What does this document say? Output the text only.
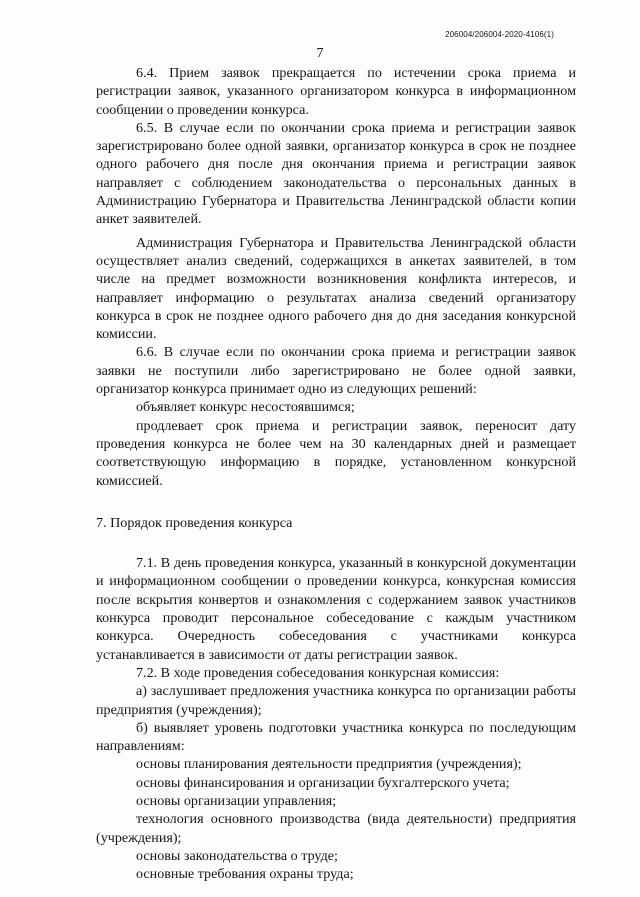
206004/206004-2020-4106(1)
7

6.4. Прием заявок прекращается по истечении срока приема и регистрации заявок, указанного организатором конкурса в информационном сообщении о проведении конкурса.

6.5. В случае если по окончании срока приема и регистрации заявок зарегистрировано более одной заявки, организатор конкурса в срок не позднее одного рабочего дня после дня окончания приема и регистрации заявок направляет с соблюдением законодательства о персональных данных в Администрацию Губернатора и Правительства Ленинградской области копии анкет заявителей.

Администрация Губернатора и Правительства Ленинградской области осуществляет анализ сведений, содержащихся в анкетах заявителей, в том числе на предмет возможности возникновения конфликта интересов, и направляет информацию о результатах анализа сведений организатору конкурса в срок не позднее одного рабочего дня до дня заседания конкурсной комиссии.

6.6. В случае если по окончании срока приема и регистрации заявок заявки не поступили либо зарегистрировано не более одной заявки, организатор конкурса принимает одно из следующих решений:

объявляет конкурс несостоявшимся;

продлевает срок приема и регистрации заявок, переносит дату проведения конкурса не более чем на 30 календарных дней и размещает соответствующую информацию в порядке, установленном конкурсной комиссией.

7. Порядок проведения конкурса

7.1. В день проведения конкурса, указанный в конкурсной документации и информационном сообщении о проведении конкурса, конкурсная комиссия после вскрытия конвертов и ознакомления с содержанием заявок участников конкурса проводит персональное собеседование с каждым участником конкурса. Очередность собеседования с участниками конкурса устанавливается в зависимости от даты регистрации заявок.

7.2. В ходе проведения собеседования конкурсная комиссия:

а) заслушивает предложения участника конкурса по организации работы предприятия (учреждения);

б) выявляет уровень подготовки участника конкурса по последующим направлениям:

основы планирования деятельности предприятия (учреждения);

основы финансирования и организации бухгалтерского учета;

основы организации управления;

технология основного производства (вида деятельности) предприятия (учреждения);

основы законодательства о труде;

основные требования охраны труда;
